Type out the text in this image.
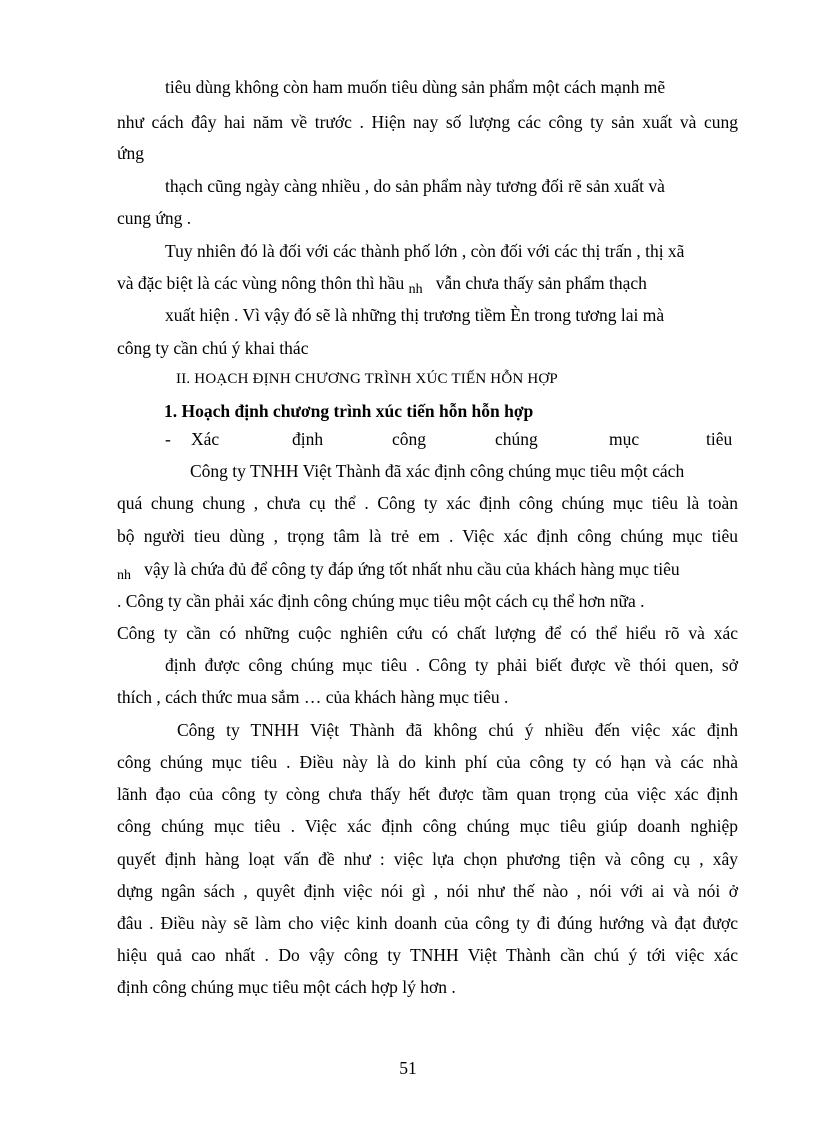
tiêu dùng không còn ham muốn tiêu dùng sản phẩm một cách mạnh mẽ
như cách đây hai năm về trước . Hiện nay số lượng các công ty sản xuất và cung
ứng
thạch cũng ngày càng nhiều , do sản phẩm này tương đối rẽ sản xuất và
cung ứng .
Tuy nhiên đó là đối với các thành phố lớn , còn đối với các thị trấn , thị xã
và đặc biệt là các vùng nông thôn thì hầu $_{nh}$ vẫn chưa thấy sản phẩm thạch
xuất hiện . Vì vậy đó sẽ là những thị trương tiềm Èn trong tương lai mà
công ty cần chú ý khai thác
II. HOẠCH ĐỊNH CHƯƠNG TRÌNH XÚC TIẾN HỖN HỢP
1. Hoạch định chương trình xúc tiến hỗn hỗn hợp
- Xác	định	công	chúng	mục	tiêu
Công ty TNHH Việt Thành đã xác định công chúng mục tiêu một cách
quá chung chung , chưa cụ thể . Công ty xác định công chúng mục tiêu là toàn
bộ người tieu dùng , trọng tâm là trẻ em . Việc xác định công chúng mục tiêu
$_{nh}$ vậy là chứa đủ để công ty đáp ứng tốt nhất nhu cầu của khách hàng mục tiêu
. Công ty cần phải xác định công chúng mục tiêu một cách cụ thể hơn nữa .
Công ty cần có những cuộc nghiên cứu có chất lượng để có thể hiểu rõ và xác
định được công chúng mục tiêu . Công ty phải biết được về thói quen, sở
thích , cách thức mua sắm … của khách hàng mục tiêu .
Công ty TNHH Việt Thành đã không chú ý nhiều đến việc xác định
công chúng mục tiêu . Điều này là do kinh phí của công ty có hạn và các nhà
lãnh đạo của công ty còng chưa thấy hết được tầm quan trọng của việc xác định
công chúng mục tiêu . Việc xác định công chúng mục tiêu giúp doanh nghiệp
quyết định hàng loạt vấn đề như : việc lựa chọn phương tiện và công cụ , xây
dựng ngân sách , quyêt định việc nói gì , nói như thế nào , nói với ai và nói ở
đâu . Điều này sẽ làm cho việc kinh doanh của công ty đi đúng hướng và đạt được
hiệu quả cao nhất . Do vậy công ty TNHH Việt Thành cần chú ý tới việc xác
định công chúng mục tiêu một cách hợp lý hơn .
51
